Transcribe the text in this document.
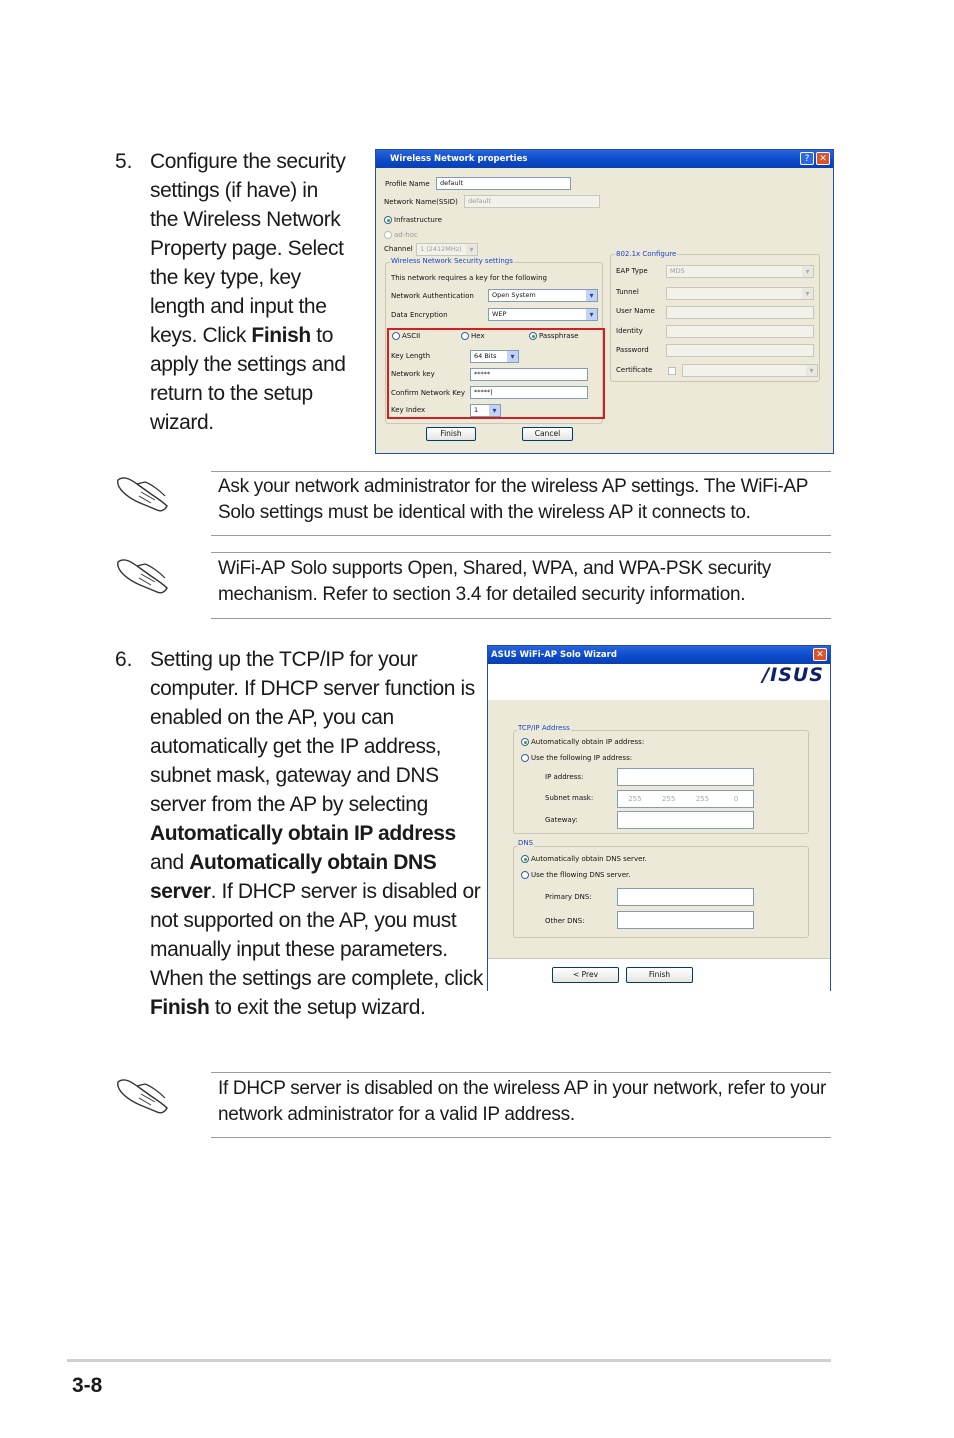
5. Configure the security settings (if have) in the Wireless Network Property page. Select the key type, key length and input the keys. Click Finish to apply the settings and return to the setup wizard.
Wireless Network properties	?	✕
Profile Name	default
Network Name(SSID)	default
Infrastructure
ad-hoc
Channel	1 (2412MHz) ▾
Wireless Network Security settings
This network requires a key for the following
Network Authentication	Open System ▾
Data Encryption	WEP ▾
ASCII	Hex	Passphrase
Key Length	64 Bits ▾
Network key	*****
Confirm Network Key	*****|
Key Index	1 ▾
Finish	Cancel
802.1x Configure
EAP Type	MD5 ▾
Tunnel
▾
User Name
Identity
Password
Certificate
▾
Ask your network administrator for the wireless AP settings. The WiFi-AP Solo settings must be identical with the wireless AP it connects to.
WiFi-AP Solo supports Open, Shared, WPA, and WPA-PSK security mechanism. Refer to section 3.4 for detailed security information.
6. Setting up the TCP/IP for your computer. If DHCP server function is enabled on the AP, you can automatically get the IP address, subnet mask, gateway and DNS server from the AP by selecting Automatically obtain IP address and Automatically obtain DNS server. If DHCP server is disabled or not supported on the AP, you must manually input these parameters. When the settings are complete, click Finish to exit the setup wizard.
ASUS WiFi-AP Solo Wizard	✕
/ISUS
TCP/IP Address
Automatically obtain IP address:
Use the following IP address:
IP address:
Subnet mask:	255	255	255	0
Gateway:
DNS
Automatically obtain DNS server.
Use the fllowing DNS server.
Primary DNS:
Other DNS:
< Prev	Finish
If DHCP server is disabled on the wireless AP in your network, refer to your network administrator for a valid IP address.
3-8
